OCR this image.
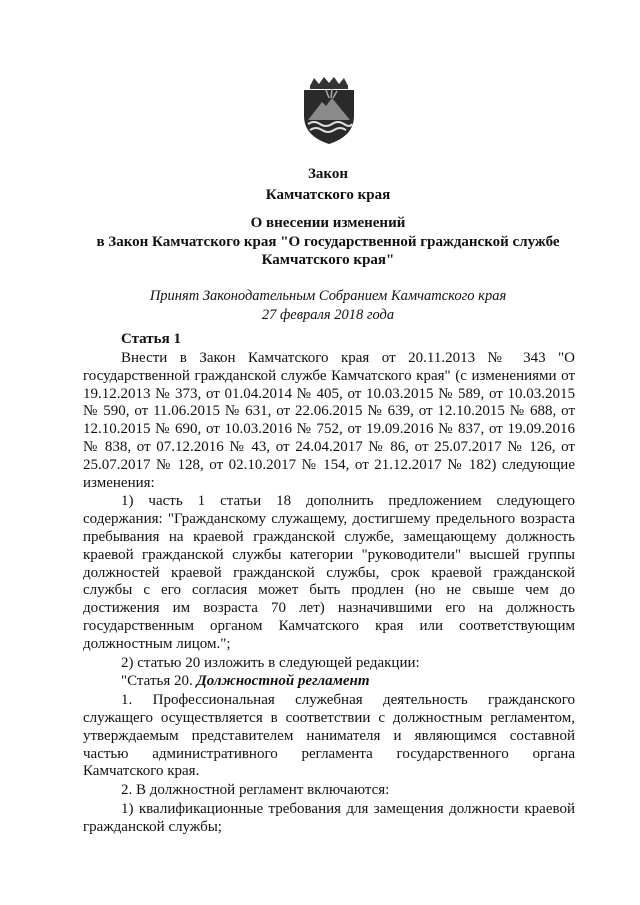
Закон
Камчатского края
О внесении изменений
в Закон Камчатского края "О государственной гражданской службе
Камчатского края"
Принят Законодательным Собранием Камчатского края
27 февраля 2018 года
Статья 1

Внести в Закон Камчатского края от 20.11.2013 № 343 "О государственной гражданской службе Камчатского края" (с изменениями от 19.12.2013 № 373, от 01.04.2014 № 405, от 10.03.2015 № 589, от 10.03.2015 № 590, от 11.06.2015 № 631, от 22.06.2015 № 639, от 12.10.2015 № 688, от 12.10.2015 № 690, от 10.03.2016 № 752, от 19.09.2016 № 837, от 19.09.2016 № 838, от 07.12.2016 № 43, от 24.04.2017 № 86, от 25.07.2017 № 126, от 25.07.2017 № 128, от 02.10.2017 № 154, от 21.12.2017 № 182) следующие изменения:

1) часть 1 статьи 18 дополнить предложением следующего содержания: "Гражданскому служащему, достигшему предельного возраста пребывания на краевой гражданской службе, замещающему должность краевой гражданской службы категории "руководители" высшей группы должностей краевой гражданской службы, срок краевой гражданской службы с его согласия может быть продлен (но не свыше чем до достижения им возраста 70 лет) назначившими его на должность государственным органом Камчатского края или соответствующим должностным лицом.";

2) статью 20 изложить в следующей редакции:

"Статья 20. Должностной регламент

1. Профессиональная служебная деятельность гражданского служащего осуществляется в соответствии с должностным регламентом, утверждаемым представителем нанимателя и являющимся составной частью административного регламента государственного органа Камчатского края.

2. В должностной регламент включаются:

1) квалификационные требования для замещения должности краевой гражданской службы;
